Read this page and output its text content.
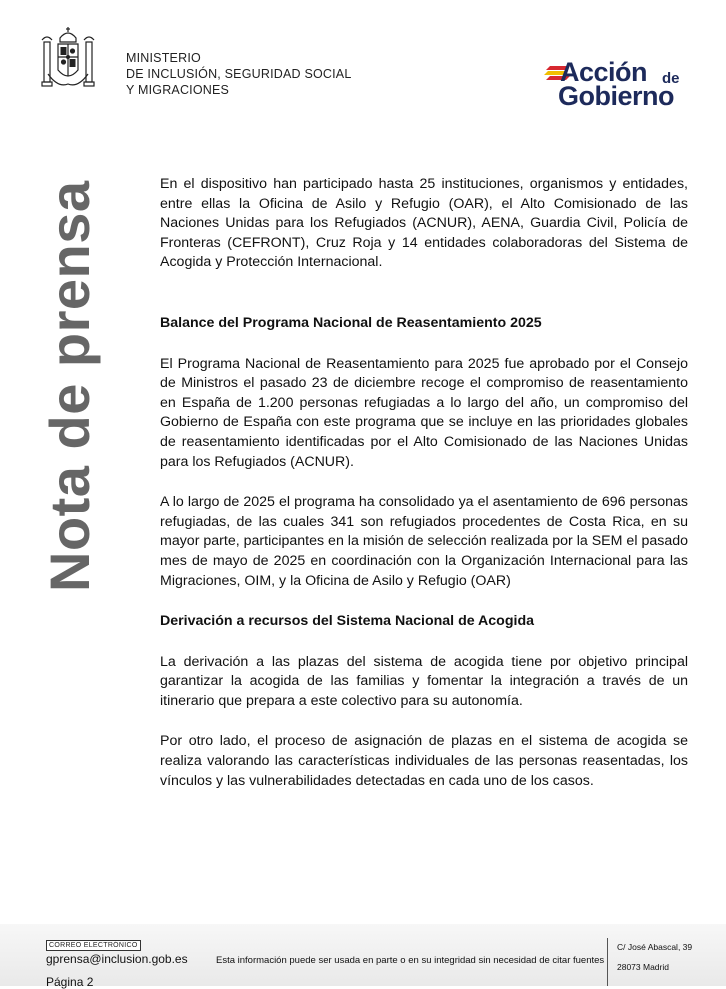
MINISTERIO
DE INCLUSIÓN, SEGURIDAD SOCIAL
Y MIGRACIONES
Acción de
Gobierno
Nota de prensa	En el dispositivo han participado hasta 25 instituciones, organismos y entidades, entre ellas la Oficina de Asilo y Refugio (OAR), el Alto Comisionado de las Naciones Unidas para los Refugiados (ACNUR), AENA, Guardia Civil, Policía de Fronteras (CEFRONT), Cruz Roja y 14 entidades colaboradoras del Sistema de Acogida y Protección Internacional.

Balance del Programa Nacional de Reasentamiento 2025

El Programa Nacional de Reasentamiento para 2025 fue aprobado por el Consejo de Ministros el pasado 23 de diciembre recoge el compromiso de reasentamiento en España de 1.200 personas refugiadas a lo largo del año, un compromiso del Gobierno de España con este programa que se incluye en las prioridades globales de reasentamiento identificadas por el Alto Comisionado de las Naciones Unidas para los Refugiados (ACNUR).

A lo largo de 2025 el programa ha consolidado ya el asentamiento de 696 personas refugiadas, de las cuales 341 son refugiados procedentes de Costa Rica, en su mayor parte, participantes en la misión de selección realizada por la SEM el pasado mes de mayo de 2025 en coordinación con la Organización Internacional para las Migraciones, OIM, y la Oficina de Asilo y Refugio (OAR)

Derivación a recursos del Sistema Nacional de Acogida

La derivación a las plazas del sistema de acogida tiene por objetivo principal garantizar la acogida de las familias y fomentar la integración a través de un itinerario que prepara a este colectivo para su autonomía.

Por otro lado, el proceso de asignación de plazas en el sistema de acogida se realiza valorando las características individuales de las personas reasentadas, los vínculos y las vulnerabilidades detectadas en cada uno de los casos.

CORREO ELECTRÓNICO
gprensa@inclusion.gob.es
Página 2
Esta información puede ser usada en parte o en su integridad sin necesidad de citar fuentes
C/ José Abascal, 39
28073 Madrid
